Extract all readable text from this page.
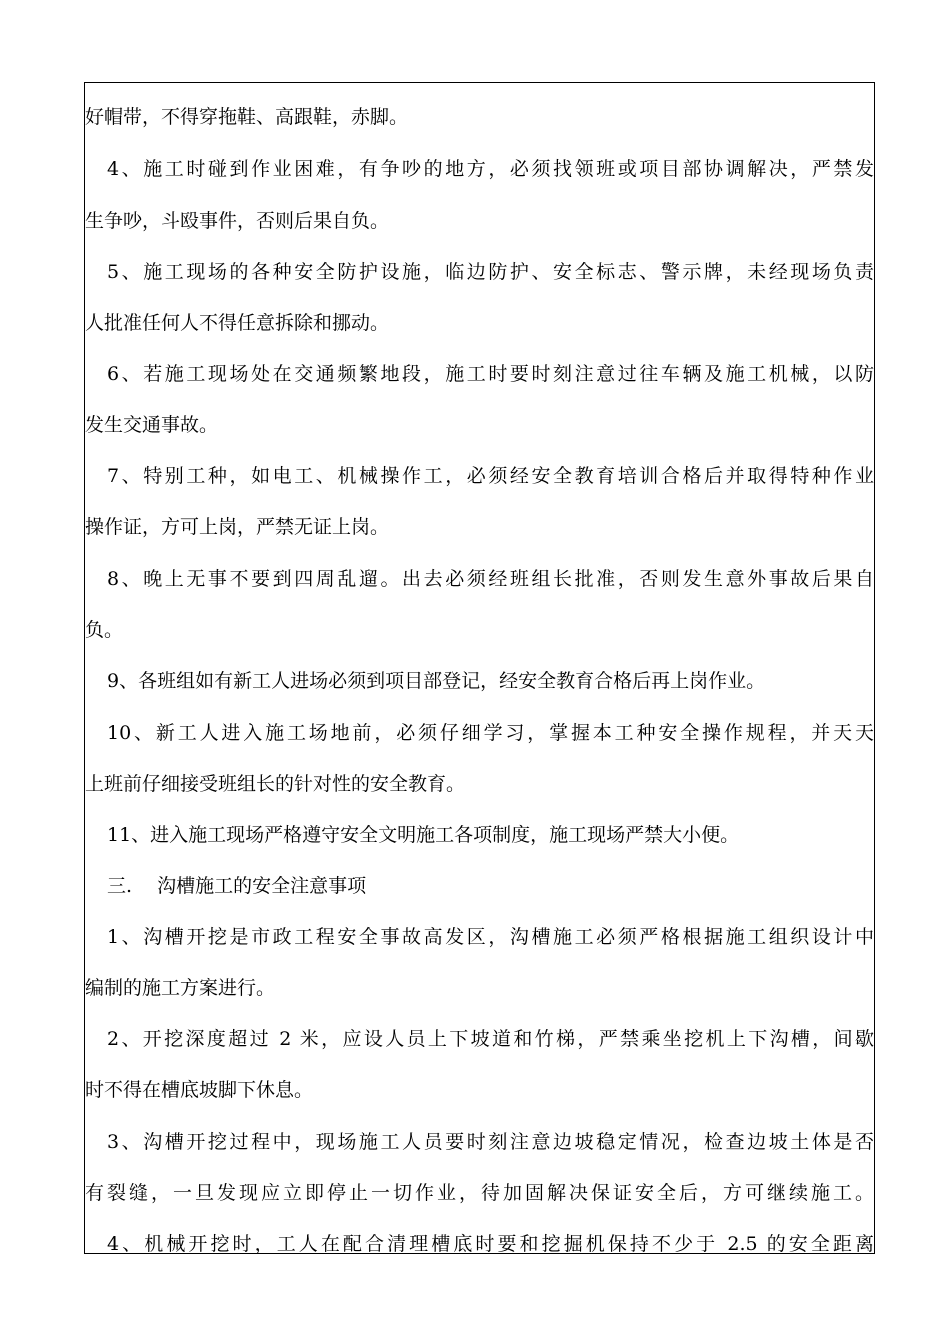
好帽带，不得穿拖鞋、高跟鞋，赤脚。
4、施工时碰到作业困难，有争吵的地方，必须找领班或项目部协调解决，严禁发
生争吵，斗殴事件，否则后果自负。
5、施工现场的各种安全防护设施，临边防护、安全标志、警示牌，未经现场负责
人批准任何人不得任意拆除和挪动。
6、若施工现场处在交通频繁地段，施工时要时刻注意过往车辆及施工机械，以防
发生交通事故。
7、特别工种，如电工、机械操作工，必须经安全教育培训合格后并取得特种作业
操作证，方可上岗，严禁无证上岗。
8、晚上无事不要到四周乱遛。出去必须经班组长批准，否则发生意外事故后果自
负。
9、各班组如有新工人进场必须到项目部登记，经安全教育合格后再上岗作业。
10、新工人进入施工场地前，必须仔细学习，掌握本工种安全操作规程，并天天
上班前仔细接受班组长的针对性的安全教育。
11、进入施工现场严格遵守安全文明施工各项制度，施工现场严禁大小便。
三.　 沟槽施工的安全注意事项
1、沟槽开挖是市政工程安全事故高发区，沟槽施工必须严格根据施工组织设计中
编制的施工方案进行。
2、开挖深度超过 2 米，应设人员上下坡道和竹梯，严禁乘坐挖机上下沟槽，间歇
时不得在槽底坡脚下休息。
3、沟槽开挖过程中，现场施工人员要时刻注意边坡稳定情况，检查边坡土体是否
有裂缝，一旦发现应立即停止一切作业，待加固解决保证安全后，方可继续施工。
4、机械开挖时，工人在配合清理槽底时要和挖掘机保持不少于 2.5 的安全距离
